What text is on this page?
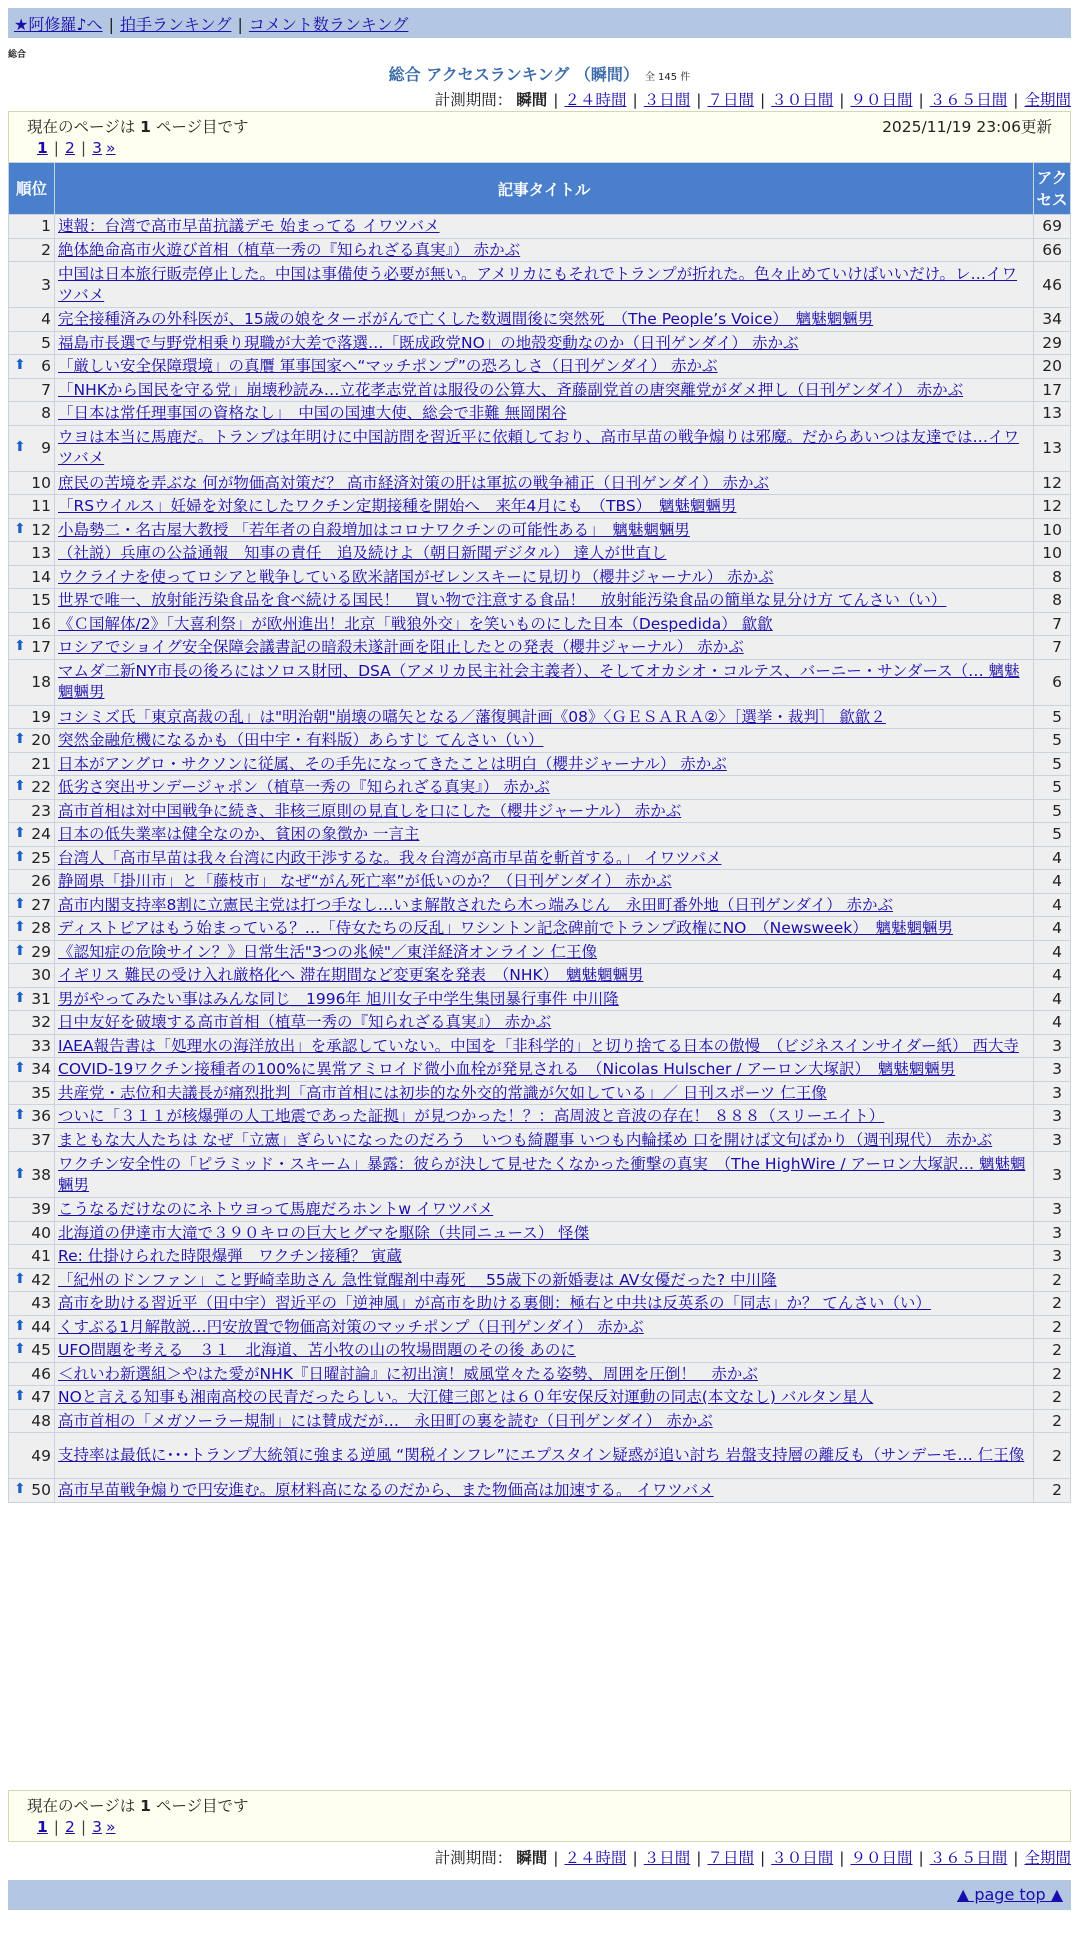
★阿修羅♪へ | 拍手ランキング | コメント数ランキング
総合
総合 アクセスランキング （瞬間） 全 145 件
計測期間： 瞬間 | ２４時間 | ３日間 | ７日間 | ３０日間 | ９０日間 | ３６５日間 | 全期間
現在のページは 1 ページ目です	2025/11/19 23:06更新
1 | 2 | 3 »
順位	記事タイトル	アクセス
1	速報：台湾で高市早苗抗議デモ 始まってる イワツバメ	69
2	絶体絶命高市火遊び首相（植草一秀の『知られざる真実』） 赤かぶ	66
3	中国は日本旅行販売停止した。中国は事備使う必要が無い。アメリカにもそれでトランプが折れた。色々止めていけばいいだけ。レ…イワツバメ	46
4	完全接種済みの外科医が、15歳の娘をターボがんで亡くした数週間後に突然死　（The People’s Voice）　魑魅魍魎男	34
5	福島市長選で与野党相乗り現職が大差で落選…「既成政党NO」の地殻変動なのか（日刊ゲンダイ） 赤かぶ	29

⬆ 6	「厳しい安全保障環境」の真贋 軍事国家へ“マッチポンプ”の恐ろしさ（日刊ゲンダイ） 赤かぶ	20
7	「NHKから国民を守る党」崩壊秒読み…立花孝志党首は服役の公算大、斉藤副党首の唐突離党がダメ押し（日刊ゲンダイ） 赤かぶ	17
8	「日本は常任理事国の資格なし」　中国の国連大使、総会で非難 無岡閑谷	13

⬆ 9	ウヨは本当に馬鹿だ。トランプは年明けに中国訪問を習近平に依頼しており、高市早苗の戦争煽りは邪魔。だからあいつは友達では…イワツバメ	13
10	庶民の苦境を弄ぶな 何が物価高対策だ？ 高市経済対策の肝は軍拡の戦争補正（日刊ゲンダイ） 赤かぶ	12
11	「RSウイルス」妊婦を対象にしたワクチン定期接種を開始へ　来年4月にも　（TBS）　魑魅魍魎男	12

⬆ 12	小島勢二・名古屋大教授 「若年者の自殺増加はコロナワクチンの可能性ある」　魑魅魍魎男	10
13	（社説）兵庫の公益通報　知事の責任　追及続けよ（朝日新聞デジタル） 達人が世直し	10
14	ウクライナを使ってロシアと戦争している欧米諸国がゼレンスキーに見切り（櫻井ジャーナル） 赤かぶ	8
15	世界で唯一、放射能汚染食品を食べ続ける国民！　買い物で注意する食品！　放射能汚染食品の簡単な見分け方 てんさい（い）	8
16	《Ｃ国解体/2》「大喜利祭」が欧州進出！北京「戦狼外交」を笑いものにした日本（Despedida） 歙歙	7

⬆ 17	ロシアでショイグ安全保障会議書記の暗殺未遂計画を阻止したとの発表（櫻井ジャーナル） 赤かぶ	7
18	マムダ二新NY市長の後ろにはソロス財団、DSA（アメリカ民主社会主義者）、そしてオカシオ・コルテス、バーニー・サンダース（… 魑魅魍魎男	6
19	コシミズ氏「東京高裁の乱」は"明治朝"崩壊の嚆矢となる／藩復興計画《08》〈ＧＥＳＡＲＡ②〉［選挙・裁判］ 歙歙２	5

⬆ 20	突然金融危機になるかも（田中宇・有料版）あらすじ てんさい（い）	5
21	日本がアングロ・サクソンに従属、その手先になってきたことは明白（櫻井ジャーナル） 赤かぶ	5

⬆ 22	低劣さ突出サンデージャポン（植草一秀の『知られざる真実』） 赤かぶ	5
23	高市首相は対中国戦争に続き、非核三原則の見直しを口にした（櫻井ジャーナル） 赤かぶ	5

⬆ 24	日本の低失業率は健全なのか、貧困の象徴か 一言主	5

⬆ 25	台湾人「高市早苗は我々台湾に内政干渉するな。我々台湾が高市早苗を斬首する。」 イワツバメ	4
26	静岡県「掛川市」と「藤枝市」 なぜ“がん死亡率”が低いのか？（日刊ゲンダイ） 赤かぶ	4

⬆ 27	高市内閣支持率8割に立憲民主党は打つ手なし…いま解散されたら木っ端みじん　永田町番外地（日刊ゲンダイ） 赤かぶ	4

⬆ 28	ディストピアはもう始まっている？…「侍女たちの反乱」ワシントン記念碑前でトランプ政権にNO　（Newsweek）　魑魅魍魎男	4

⬆ 29	《認知症の危険サイン？》日常生活"3つの兆候"／東洋経済オンライン 仁王像	4
30	イギリス 難民の受け入れ厳格化へ 滞在期間など変更案を発表　（NHK）　魑魅魍魎男	4

⬆ 31	男がやってみたい事はみんな同じ＿1996年 旭川女子中学生集団暴行事件 中川隆	4
32	日中友好を破壊する高市首相（植草一秀の『知られざる真実』） 赤かぶ	4
33	IAEA報告書は「処理水の海洋放出」を承認していない。中国を「非科学的」と切り捨てる日本の傲慢　（ビジネスインサイダー紙） 西大寺	3

⬆ 34	COVID-19ワクチン接種者の100%に異常アミロイド微小血栓が発見される　（Nicolas Hulscher / アーロン大塚訳）　魑魅魍魎男	3
35	共産党・志位和夫議長が痛烈批判「高市首相には初歩的な外交的常識が欠如している」／ 日刊スポーツ 仁王像	3

⬆ 36	ついに「３１１が核爆弾の人工地震であった証拠」が見つかった！？：高周波と音波の存在！ ８８８（スリーエイト）	3
37	まともな大人たちは なぜ「立憲」ぎらいになったのだろう　いつも綺麗事 いつも内輪揉め 口を開けば文句ばかり（週刊現代） 赤かぶ	3

⬆ 38	ワクチン安全性の「ピラミッド・スキーム」暴露：彼らが決して見せたくなかった衝撃の真実　（The HighWire / アーロン大塚訳… 魑魅魍魎男	3
39	こうなるだけなのにネトウヨって馬鹿だろホントw イワツバメ	3
40	北海道の伊達市大滝で３９０キロの巨大ヒグマを駆除（共同ニュース） 怪傑	3
41	Re: 仕掛けられた時限爆弾　ワクチン接種？ 寅蔵	3

⬆ 42	「紀州のドンファン」こと野崎幸助さん 急性覚醒剤中毒死 ＿55歳下の新婚妻は AV女優だった? 中川隆	2
43	高市を助ける習近平（田中宇）習近平の「逆神風」が高市を助ける裏側：極右と中共は反英系の「同志」か？ てんさい（い）	2

⬆ 44	くすぶる1月解散説…円安放置で物価高対策のマッチポンプ（日刊ゲンダイ） 赤かぶ	2

⬆ 45	UFO問題を考える　３１　北海道、苫小牧の山の牧場問題のその後 あのに	2
46	＜れいわ新選組＞やはた愛がNHK『日曜討論』に初出演！威風堂々たる姿勢、周囲を圧倒！　赤かぶ	2

⬆ 47	NOと言える知事も湘南高校の民青だったらしい。大江健三郎とは６０年安保反対運動の同志(本文なし) バルタン星人	2
48	高市首相の「メガソーラー規制」には賛成だが…　永田町の裏を読む（日刊ゲンダイ） 赤かぶ	2
49	支持率は最低に･･･トランプ大統領に強まる逆風 “関税インフレ”にエプスタイン疑惑が追い討ち 岩盤支持層の離反も（サンデーモ… 仁王像	2

⬆ 50	高市早苗戦争煽りで円安進む。原材料高になるのだから、また物価高は加速する。 イワツバメ	2
現在のページは 1 ページ目です
1 | 2 | 3 »
計測期間： 瞬間 | ２４時間 | ３日間 | ７日間 | ３０日間 | ９０日間 | ３６５日間 | 全期間
▲ page top ▲
